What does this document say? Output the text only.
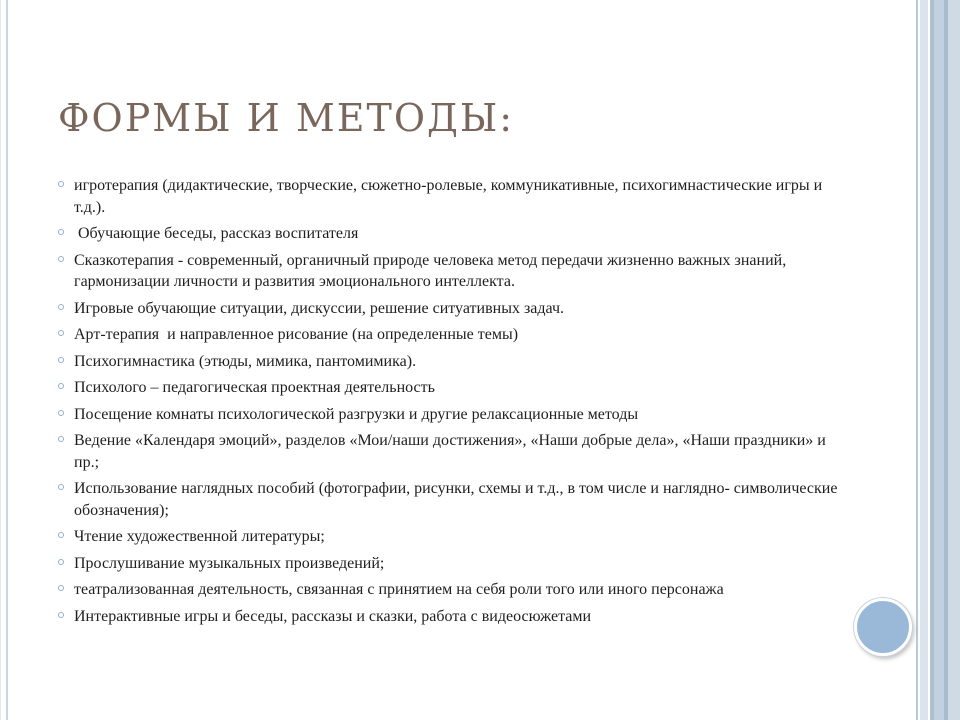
ФОРМЫ И МЕТОДЫ:
игротерапия (дидактические, творческие, сюжетно-ролевые, коммуникативные, психогимнастические игры и т.д.).
Обучающие беседы, рассказ воспитателя
Сказкотерапия - современный, органичный природе человека метод передачи жизненно важных знаний, гармонизации личности и развития эмоционального интеллекта.
Игровые обучающие ситуации, дискуссии, решение ситуативных задач.
Арт-терапия  и направленное рисование (на определенные темы)
Психогимнастика (этюды, мимика, пантомимика).
Психолого – педагогическая проектная деятельность
Посещение комнаты психологической разгрузки и другие релаксационные методы
Ведение «Календаря эмоций», разделов «Мои/наши достижения», «Наши добрые дела», «Наши праздники» и пр.;
Использование наглядных пособий (фотографии, рисунки, схемы и т.д., в том числе и наглядно- символические обозначения);
Чтение художественной литературы;
Прослушивание музыкальных произведений;
театрализованная деятельность, связанная с принятием на себя роли того или иного персонажа
Интерактивные игры и беседы, рассказы и сказки, работа с видеосюжетами
